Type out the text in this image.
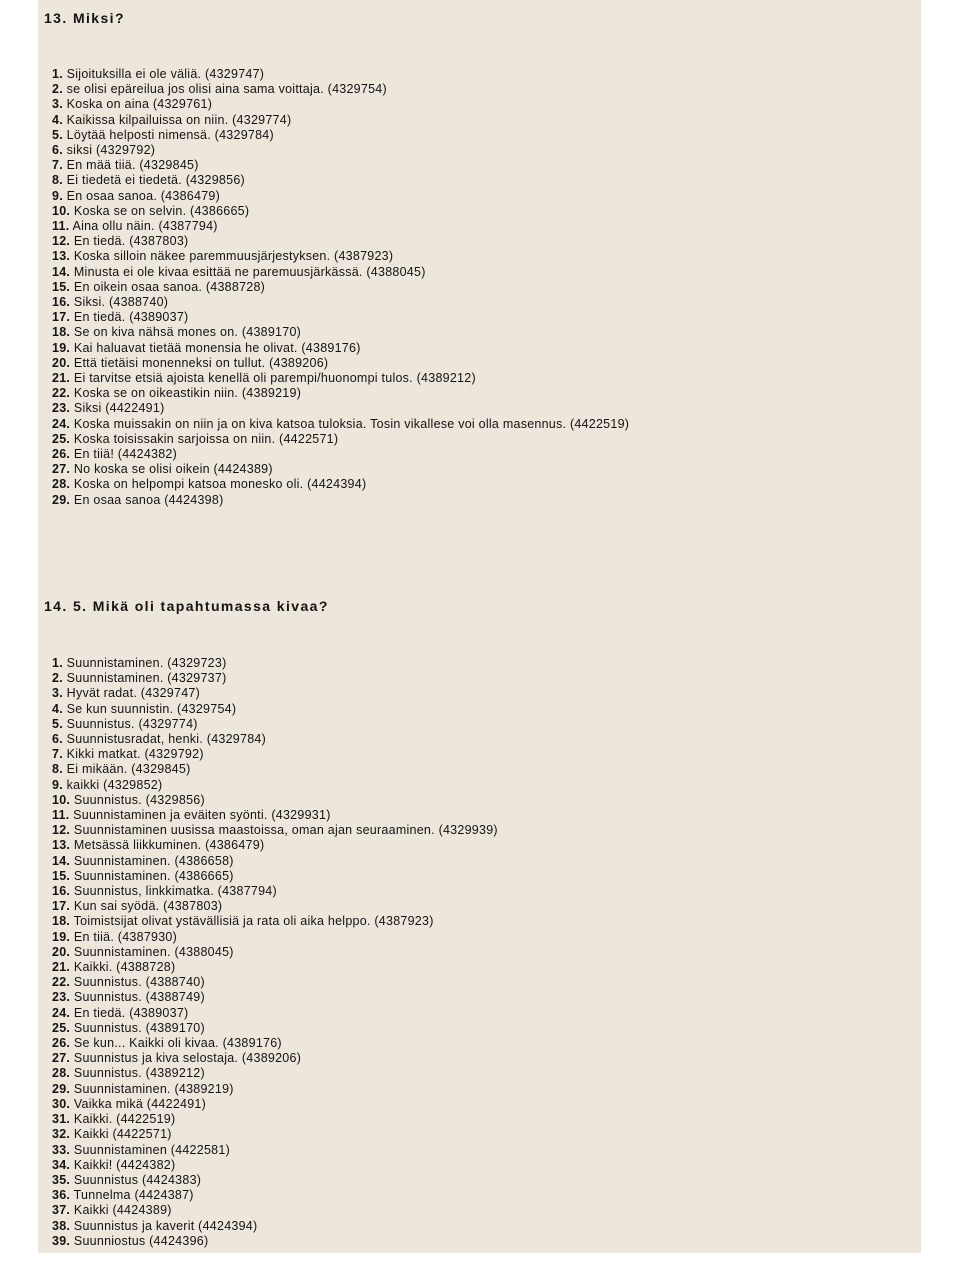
13. Miksi?
1. Sijoituksilla ei ole väliä. (4329747)
2. se olisi epäreilua jos olisi aina sama voittaja. (4329754)
3. Koska on aina (4329761)
4. Kaikissa kilpailuissa on niin. (4329774)
5. Löytää helposti nimensä. (4329784)
6. siksi (4329792)
7. En mää tiiä. (4329845)
8. Ei tiedetä ei tiedetä. (4329856)
9. En osaa sanoa. (4386479)
10. Koska se on selvin. (4386665)
11. Aina ollu näin. (4387794)
12. En tiedä. (4387803)
13. Koska silloin näkee paremmuusjärjestyksen. (4387923)
14. Minusta ei ole kivaa esittää ne paremuusjärkässä. (4388045)
15. En oikein osaa sanoa. (4388728)
16. Siksi. (4388740)
17. En tiedä. (4389037)
18. Se on kiva nähsä mones on. (4389170)
19. Kai haluavat tietää monensia he olivat. (4389176)
20. Että tietäisi monenneksi on tullut. (4389206)
21. Ei tarvitse etsiä ajoista kenellä oli parempi/huonompi tulos. (4389212)
22. Koska se on oikeastikin niin. (4389219)
23. Siksi (4422491)
24. Koska muissakin on niin ja on kiva katsoa tuloksia. Tosin vikallese voi olla masennus. (4422519)
25. Koska toisissakin sarjoissa on niin. (4422571)
26. En tiiä! (4424382)
27. No koska se olisi oikein (4424389)
28. Koska on helpompi katsoa monesko oli. (4424394)
29. En osaa sanoa (4424398)
14. 5. Mikä oli tapahtumassa kivaa?
1. Suunnistaminen. (4329723)
2. Suunnistaminen. (4329737)
3. Hyvät radat. (4329747)
4. Se kun suunnistin. (4329754)
5. Suunnistus. (4329774)
6. Suunnistusradat, henki. (4329784)
7. Kikki matkat. (4329792)
8. Ei mikään. (4329845)
9. kaikki (4329852)
10. Suunnistus. (4329856)
11. Suunnistaminen ja eväiten syönti. (4329931)
12. Suunnistaminen uusissa maastoissa, oman ajan seuraaminen. (4329939)
13. Metsässä liikkuminen. (4386479)
14. Suunnistaminen. (4386658)
15. Suunnistaminen. (4386665)
16. Suunnistus, linkkimatka. (4387794)
17. Kun sai syödä. (4387803)
18. Toimistsijat olivat ystävällisiä ja rata oli aika helppo. (4387923)
19. En tiiä. (4387930)
20. Suunnistaminen. (4388045)
21. Kaikki. (4388728)
22. Suunnistus. (4388740)
23. Suunnistus. (4388749)
24. En tiedä. (4389037)
25. Suunnistus. (4389170)
26. Se kun... Kaikki oli kivaa. (4389176)
27. Suunnistus ja kiva selostaja. (4389206)
28. Suunnistus. (4389212)
29. Suunnistaminen. (4389219)
30. Vaikka mikä (4422491)
31. Kaikki. (4422519)
32. Kaikki (4422571)
33. Suunnistaminen (4422581)
34. Kaikki! (4424382)
35. Suunnistus (4424383)
36. Tunnelma (4424387)
37. Kaikki (4424389)
38. Suunnistus ja kaverit (4424394)
39. Suunniostus (4424396)
